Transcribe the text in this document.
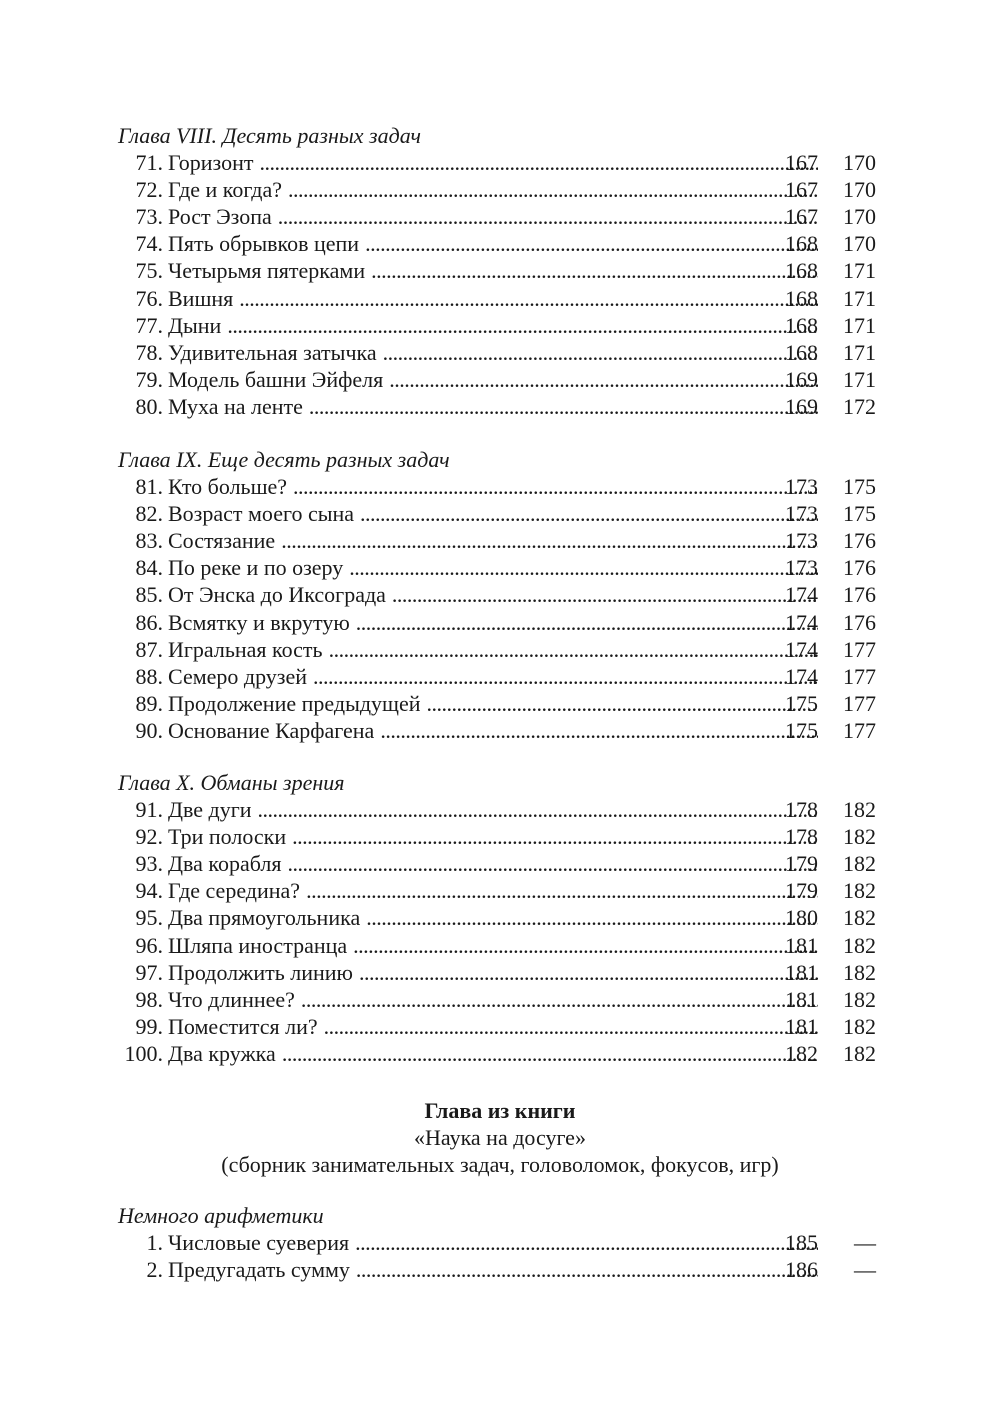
Глава VIII. Десять разных задач
71. Горизонт . . .	167	170
72. Где и когда? . . .	167	170
73. Рост Эзопа . . .	167	170
74. Пять обрывков цепи . . .	168	170
75. Четырьмя пятерками . . .	168	171
76. Вишня . . .	168	171
77. Дыни . . .	168	171
78. Удивительная затычка . . .	168	171
79. Модель башни Эйфеля . . .	169	171
80. Муха на ленте . . .	169	172
Глава IX. Еще десять разных задач
81. Кто больше? . . .	173	175
82. Возраст моего сына . . .	173	175
83. Состязание . . .	173	176
84. По реке и по озеру . . .	173	176
85. От Энска до Иксограда . . .	174	176
86. Всмятку и вкрутую . . .	174	176
87. Игральная кость . . .	174	177
88. Семеро друзей . . .	174	177
89. Продолжение предыдущей . . .	175	177
90. Основание Карфагена . . .	175	177
Глава X. Обманы зрения
91. Две дуги . . .	178	182
92. Три полоски . . .	178	182
93. Два корабля . . .	179	182
94. Где середина? . . .	179	182
95. Два прямоугольника . . .	180	182
96. Шляпа иностранца . . .	181	182
97. Продолжить линию . . .	181	182
98. Что длиннее? . . .	181	182
99. Поместится ли? . . .	181	182
100. Два кружка . . .	182	182
Глава из книги
«Наука на досуге»
(сборник занимательных задач, головоломок, фокусов, игр)
Немного арифметики
1. Числовые суеверия . . .	185	—
2. Предугадать сумму . . .	186	—
